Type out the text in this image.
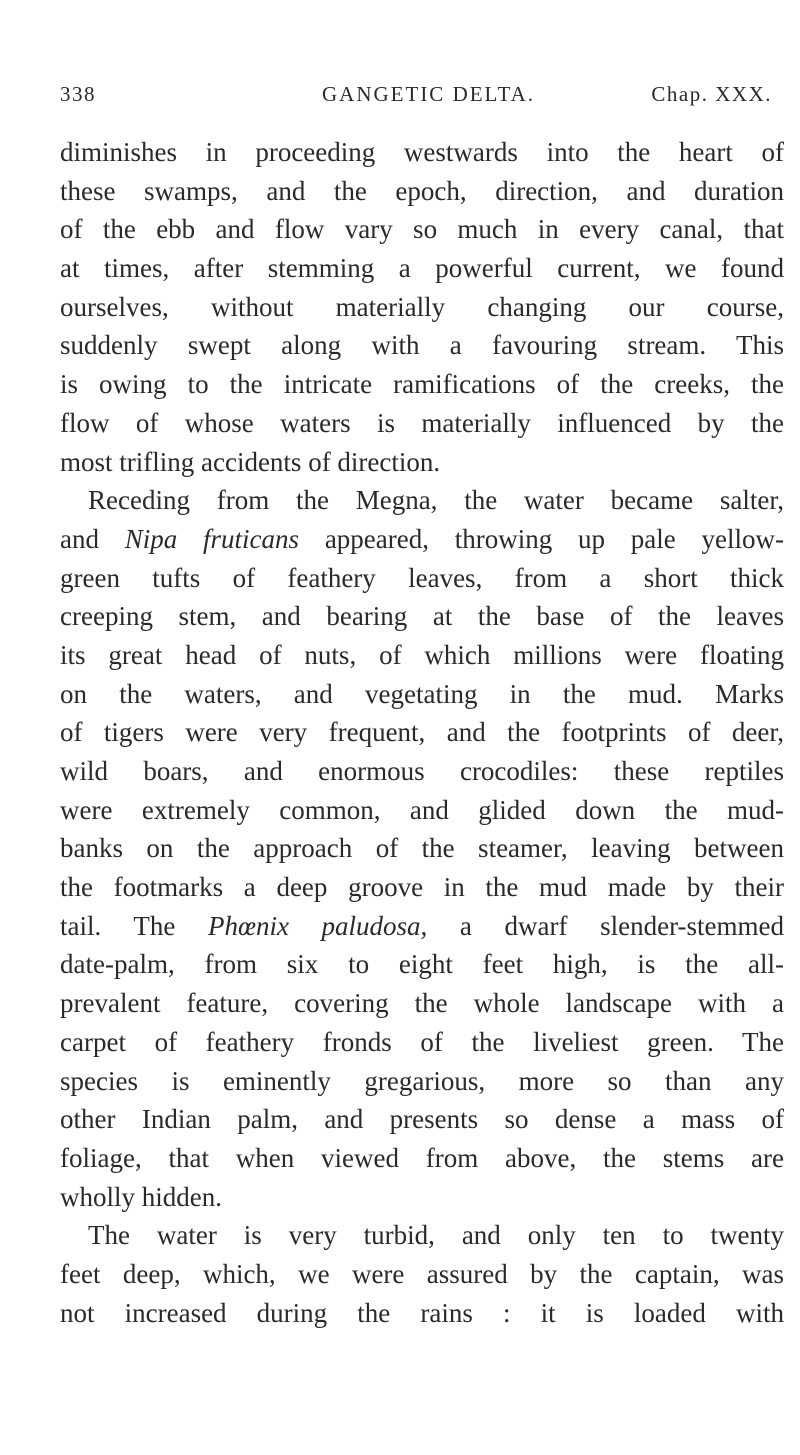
338	GANGETIC DELTA.	Chap. XXX.
diminishes in proceeding westwards into the heart of
these swamps, and the epoch, direction, and duration
of the ebb and flow vary so much in every canal, that
at times, after stemming a powerful current, we found
ourselves, without materially changing our course,
suddenly swept along with a favouring stream. This
is owing to the intricate ramifications of the creeks, the
flow of whose waters is materially influenced by the
most trifling accidents of direction.
Receding from the Megna, the water became salter,
and Nipa fruticans appeared, throwing up pale yellow-
green tufts of feathery leaves, from a short thick
creeping stem, and bearing at the base of the leaves
its great head of nuts, of which millions were floating
on the waters, and vegetating in the mud. Marks
of tigers were very frequent, and the footprints of deer,
wild boars, and enormous crocodiles: these reptiles
were extremely common, and glided down the mud-
banks on the approach of the steamer, leaving between
the footmarks a deep groove in the mud made by their
tail. The Phœnix paludosa, a dwarf slender-stemmed
date-palm, from six to eight feet high, is the all-
prevalent feature, covering the whole landscape with a
carpet of feathery fronds of the liveliest green. The
species is eminently gregarious, more so than any
other Indian palm, and presents so dense a mass of
foliage, that when viewed from above, the stems are
wholly hidden.
The water is very turbid, and only ten to twenty
feet deep, which, we were assured by the captain, was
not increased during the rains : it is loaded with
